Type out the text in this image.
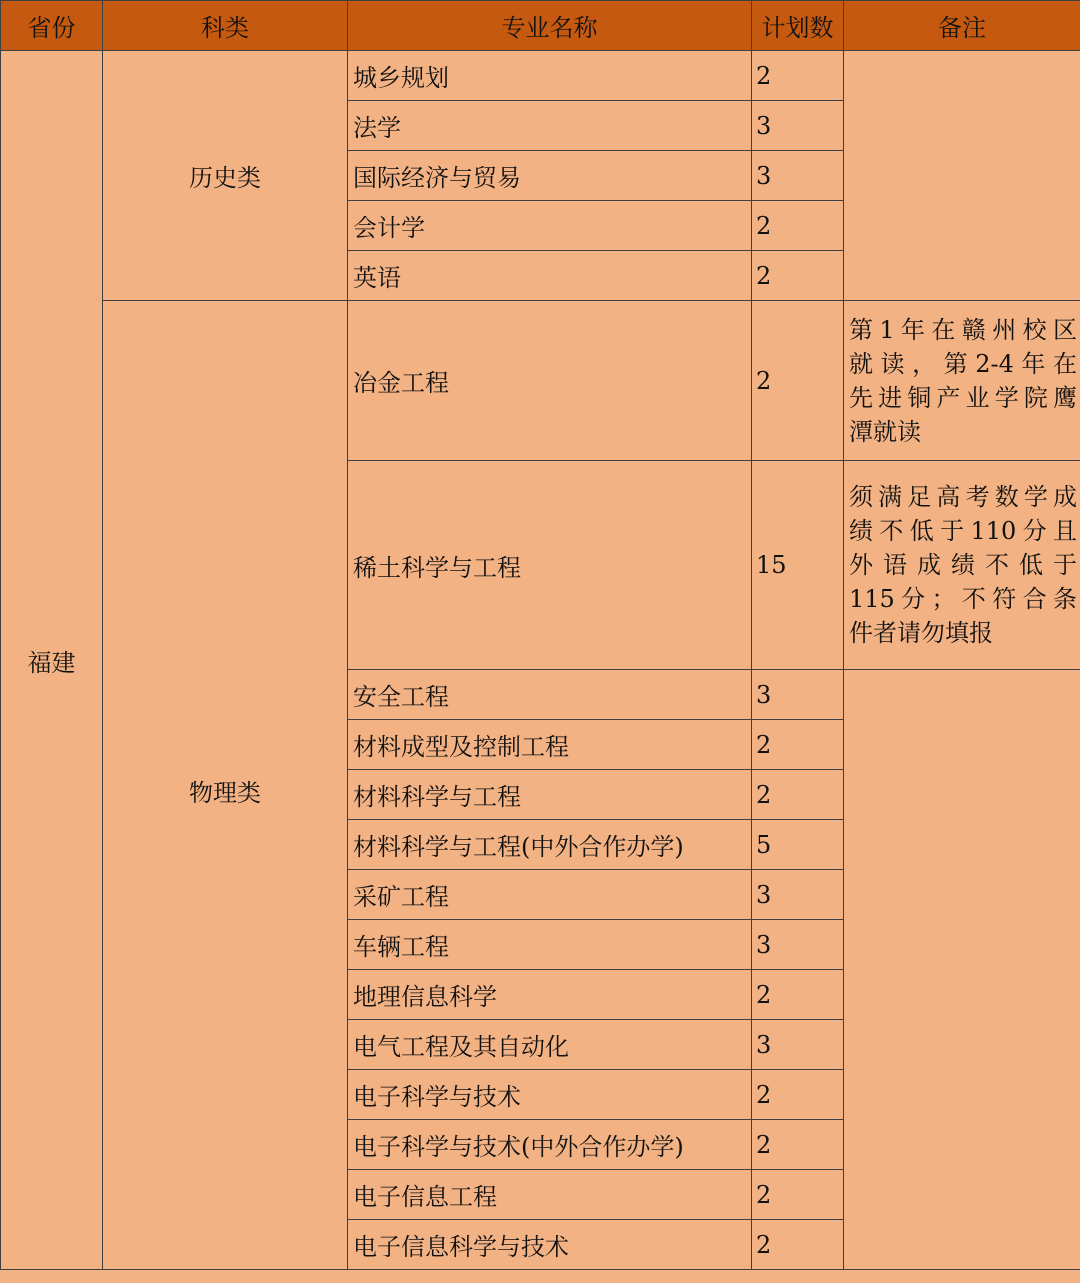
省份	科类	专业名称	计划数	备注
福建	历史类	城乡规划	2	
		法学	3	
		国际经济与贸易	3	
		会计学	2	
		英语	2	
	物理类	冶金工程	2	第1年在赣州校区
就读，第2-4年在
先进铜产业学院鹰
潭就读

		稀土科学与工程	15	须满足高考数学成
绩不低于110分且
外语成绩不低于
115分；不符合条
件者请勿填报

		安全工程	3	
		材料成型及控制工程	2	
		材料科学与工程	2	
		材料科学与工程(中外合作办学)	5	
		采矿工程	3	
		车辆工程	3	
		地理信息科学	2	
		电气工程及其自动化	3	
		电子科学与技术	2	
		电子科学与技术(中外合作办学)	2	
		电子信息工程	2	
		电子信息科学与技术	2	
